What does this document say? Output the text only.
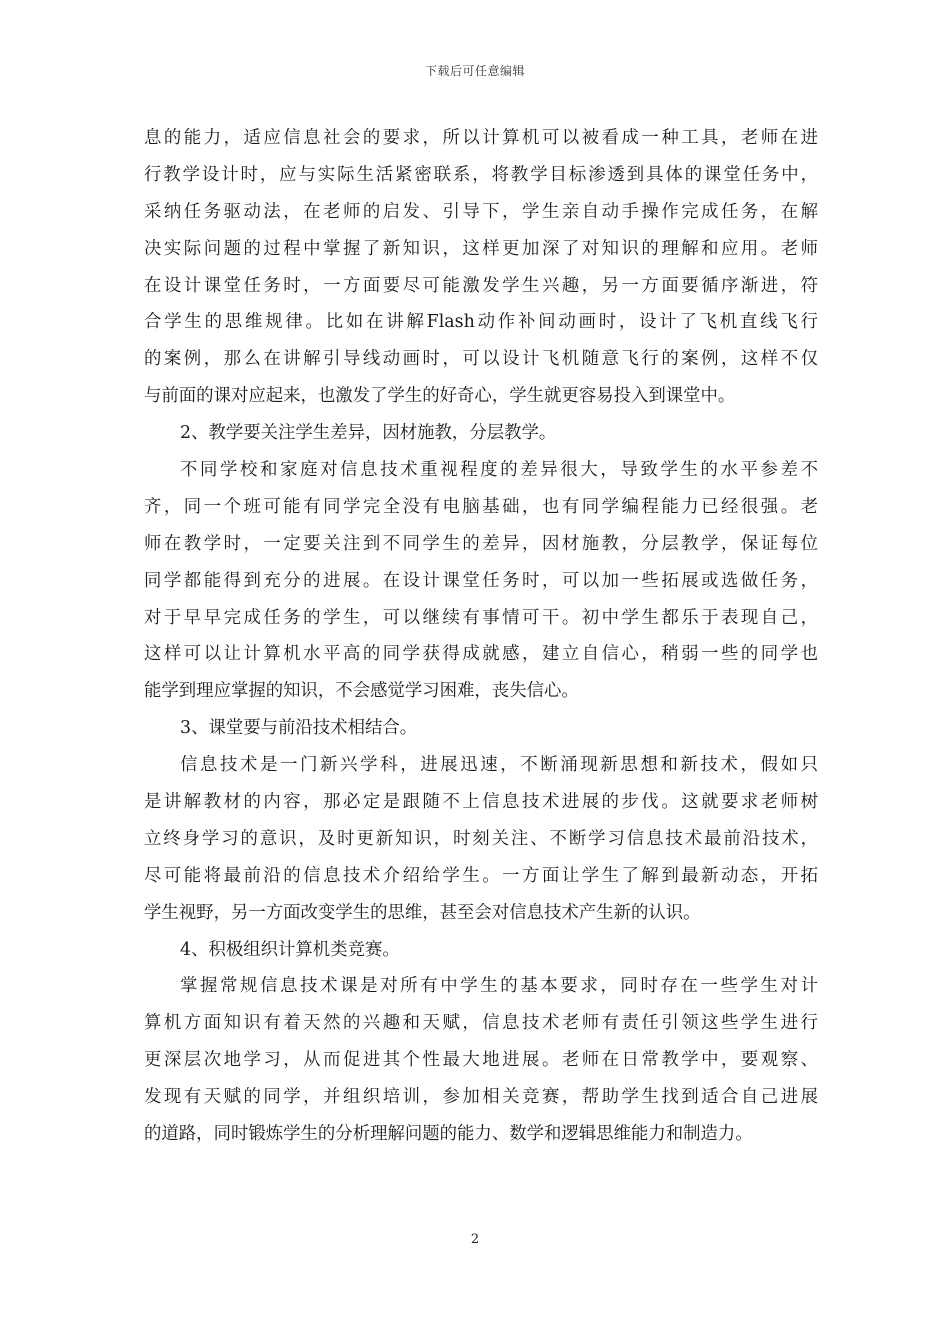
下载后可任意编辑
息的能力，适应信息社会的要求，所以计算机可以被看成一种工具，老师在进
行教学设计时，应与实际生活紧密联系，将教学目标渗透到具体的课堂任务中，
采纳任务驱动法，在老师的启发、引导下，学生亲自动手操作完成任务，在解
决实际问题的过程中掌握了新知识，这样更加深了对知识的理解和应用。老师
在设计课堂任务时，一方面要尽可能激发学生兴趣，另一方面要循序渐进，符
合学生的思维规律。比如在讲解Flash动作补间动画时，设计了飞机直线飞行
的案例，那么在讲解引导线动画时，可以设计飞机随意飞行的案例，这样不仅
与前面的课对应起来，也激发了学生的好奇心，学生就更容易投入到课堂中。
2、教学要关注学生差异，因材施教，分层教学。
不同学校和家庭对信息技术重视程度的差异很大，导致学生的水平参差不
齐，同一个班可能有同学完全没有电脑基础，也有同学编程能力已经很强。老
师在教学时，一定要关注到不同学生的差异，因材施教，分层教学，保证每位
同学都能得到充分的进展。在设计课堂任务时，可以加一些拓展或选做任务，
对于早早完成任务的学生，可以继续有事情可干。初中学生都乐于表现自己，
这样可以让计算机水平高的同学获得成就感，建立自信心，稍弱一些的同学也
能学到理应掌握的知识，不会感觉学习困难，丧失信心。
3、课堂要与前沿技术相结合。
信息技术是一门新兴学科，进展迅速，不断涌现新思想和新技术，假如只
是讲解教材的内容，那必定是跟随不上信息技术进展的步伐。这就要求老师树
立终身学习的意识，及时更新知识，时刻关注、不断学习信息技术最前沿技术，
尽可能将最前沿的信息技术介绍给学生。一方面让学生了解到最新动态，开拓
学生视野，另一方面改变学生的思维，甚至会对信息技术产生新的认识。
4、积极组织计算机类竞赛。
掌握常规信息技术课是对所有中学生的基本要求，同时存在一些学生对计
算机方面知识有着天然的兴趣和天赋，信息技术老师有责任引领这些学生进行
更深层次地学习，从而促进其个性最大地进展。老师在日常教学中，要观察、
发现有天赋的同学，并组织培训，参加相关竞赛，帮助学生找到适合自己进展
的道路，同时锻炼学生的分析理解问题的能力、数学和逻辑思维能力和制造力。
2
